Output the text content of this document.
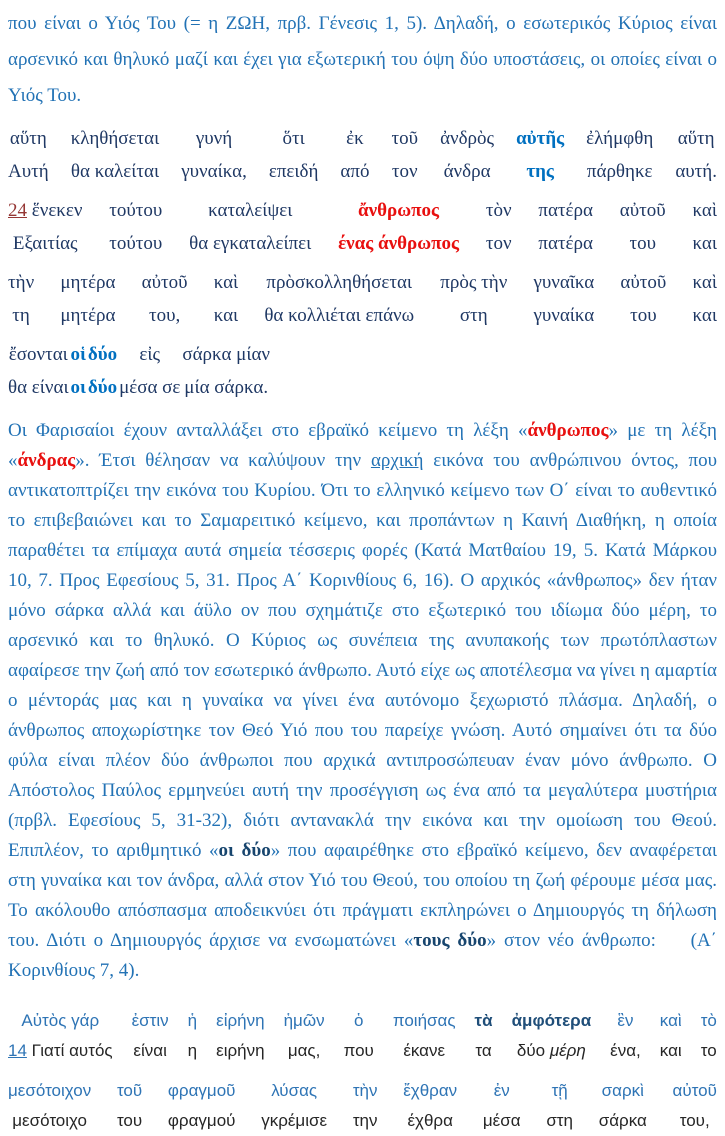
που είναι ο Υιός Του (= η ΖΩΗ, πρβ. Γένεσις 1, 5). Δηλαδή, ο εσωτερικός Κύριος είναι αρσενικό και θηλυκό μαζί και έχει για εξωτερική του όψη δύο υποστάσεις, οι οποίες είναι ο Υιός Του.

αὕτη
Αυτή
κληθήσεται
θα καλείται
γυνή
γυναίκα,
ὅτι
επειδή
ἐκ
από
τοῦ
τον
ἀνδρὸς
άνδρα
αὐτῆς
της
ἐλήμφθη
πάρθηκε
αὕτη
αυτή.
24 ἕνεκεν
Εξαιτίας
τούτου
τούτου
καταλείψει
θα εγκαταλείπει
ἄνθρωπος
ένας άνθρωπος
τὸν
τον
πατέρα
πατέρα
αὐτοῦ
του
καὶ
και
τὴν
τη
μητέρα
μητέρα
αὐτοῦ
του,
καὶ
και
πρὸσκολληθήσεται
θα κολλιέται επάνω
πρὸς τὴν
στη
γυναῖκα
γυναίκα
αὐτοῦ
του
καὶ
και
ἔσονται
θα είναι
οἱ
οι
δύο
δύο
εἰς
μέσα σε
σάρκα μίαν
μία σάρκα.

Οι Φαρισαίοι έχουν ανταλλάξει στο εβραϊκό κείμενο τη λέξη «άνθρωπος» με τη λέξη «άνδρας». Έτσι θέλησαν να καλύψουν την αρχική εικόνα του ανθρώπινου όντος, που αντικατοπτρίζει την εικόνα του Κυρίου. Ότι το ελληνικό κείμενο των Ο΄ είναι το αυθεντικό το επιβεβαιώνει και το Σαμαρειτικό κείμενο, και προπάντων η Καινή Διαθήκη, η οποία παραθέτει τα επίμαχα αυτά σημεία τέσσερις φορές (Κατά Ματθαίου 19, 5. Κατά Μάρκου 10, 7. Προς Εφεσίους 5, 31. Προς Α΄ Κορινθίους 6, 16). Ο αρχικός «άνθρωπος» δεν ήταν μόνο σάρκα αλλά και άϋλο ον που σχημάτιζε στο εξωτερικό του ιδίωμα δύο μέρη, το αρσενικό και το θηλυκό. Ο Κύριος ως συνέπεια της ανυπακοής των πρωτόπλαστων αφαίρεσε την ζωή από τον εσωτερικό άνθρωπο. Αυτό είχε ως αποτέλεσμα να γίνει η αμαρτία ο μέντοράς μας και η γυναίκα να γίνει ένα αυτόνομο ξεχωριστό πλάσμα. Δηλαδή, ο άνθρωπος αποχωρίστηκε τον Θεό Υιό που του παρείχε γνώση. Αυτό σημαίνει ότι τα δύο φύλα είναι πλέον δύο άνθρωποι που αρχικά αντιπροσώπευαν έναν μόνο άνθρωπο. Ο Απόστολος Παύλος ερμηνεύει αυτή την προσέγγιση ως ένα από τα μεγαλύτερα μυστήρια (πρβλ. Εφεσίους 5, 31-32), διότι αντανακλά την εικόνα και την ομοίωση του Θεού. Επιπλέον, το αριθμητικό «οι δύο» που αφαιρέθηκε στο εβραϊκό κείμενο, δεν αναφέρεται στη γυναίκα και τον άνδρα, αλλά στον Υιό του Θεού, του οποίου τη ζωή φέρουμε μέσα μας. Το ακόλουθο απόσπασμα αποδεικνύει ότι πράγματι εκπληρώνει ο Δημιουργός τη δήλωση του. Διότι ο Δημιουργός άρχισε να ενσωματώνει «τους δύο» στον νέο άνθρωπο:   (Α΄ Κορινθίους 7, 4).

Αὐτὸς γάρ
14 Γιατί αυτός
ἐστιν
είναι
ἡ
η
εἰρήνη
ειρήνη
ἡμῶν
μας,
ὁ
που
ποιήσας
έκανε
τὰ
τα
ἀμφότερα
δύο μέρη
ἓν
ένα,
καὶ
και
τὸ
το
μεσότοιχον
μεσότοιχο
τοῦ
του
φραγμοῦ
φραγμού
λύσας
γκρέμισε
τὴν
την
ἔχθραν
έχθρα
ἐν
μέσα
τῇ
στη
σαρκὶ
σάρκα
αὐτοῦ
του,
